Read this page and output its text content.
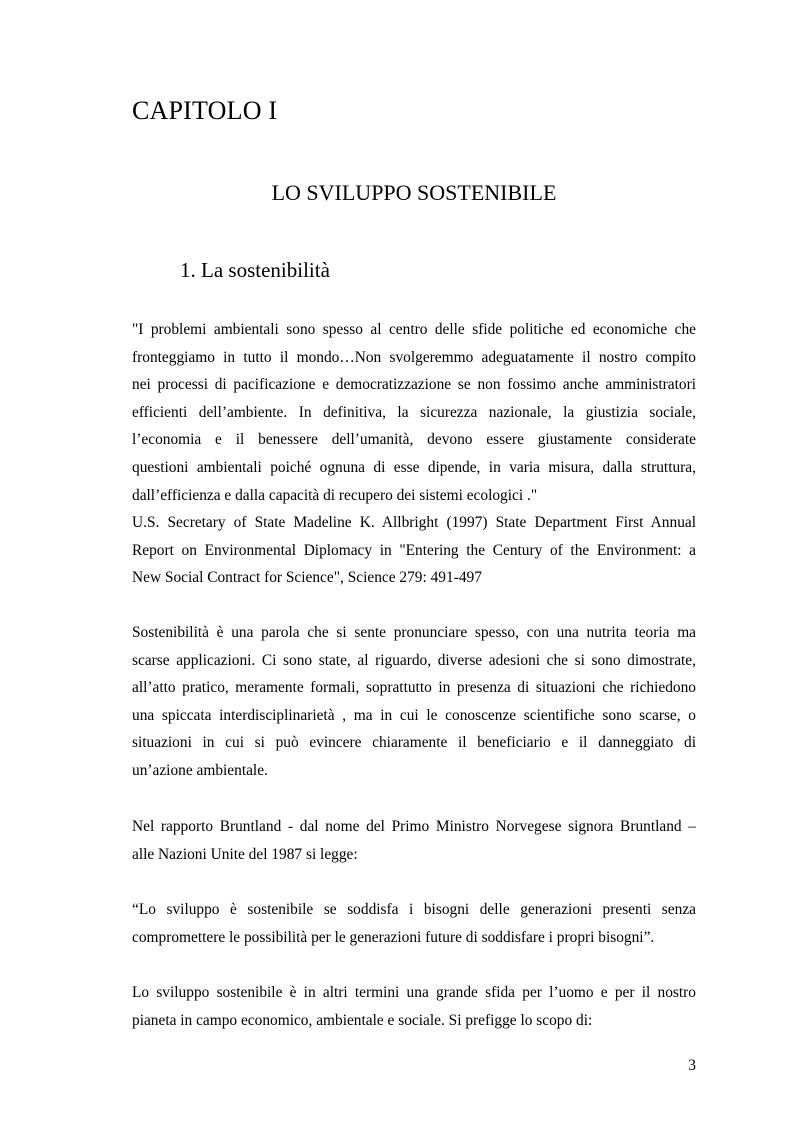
CAPITOLO I
LO SVILUPPO SOSTENIBILE
1. La sostenibilità
"I problemi ambientali sono spesso al centro delle sfide politiche ed economiche che
fronteggiamo in tutto il mondo…Non svolgeremmo adeguatamente il nostro compito
nei processi di pacificazione e democratizzazione se non fossimo anche amministratori
efficienti dell’ambiente. In definitiva, la sicurezza nazionale, la giustizia sociale,
l’economia e il benessere dell’umanità, devono essere giustamente considerate
questioni ambientali poiché ognuna di esse dipende, in varia misura, dalla struttura,
dall’efficienza e dalla capacità di recupero dei sistemi ecologici ."
U.S. Secretary of State Madeline K. Allbright (1997) State Department First Annual
Report on Environmental Diplomacy in "Entering the Century of the Environment: a
New Social Contract for Science", Science 279: 491-497
Sostenibilità è una parola che si sente pronunciare spesso, con una nutrita teoria ma
scarse applicazioni. Ci sono state, al riguardo, diverse adesioni che si sono dimostrate,
all’atto pratico, meramente formali, soprattutto in presenza di situazioni che richiedono
una spiccata interdisciplinarietà , ma in cui le conoscenze scientifiche sono scarse, o
situazioni in cui si può evincere chiaramente il beneficiario e il danneggiato di
un’azione ambientale.
Nel rapporto Bruntland - dal nome del Primo Ministro Norvegese signora Bruntland –
alle Nazioni Unite del 1987 si legge:
“Lo sviluppo è sostenibile se soddisfa i bisogni delle generazioni presenti senza
compromettere le possibilità per le generazioni future di soddisfare i propri bisogni”.
Lo sviluppo sostenibile è in altri termini una grande sfida per l’uomo e per il nostro
pianeta in campo economico, ambientale e sociale. Si prefigge lo scopo di:
3
